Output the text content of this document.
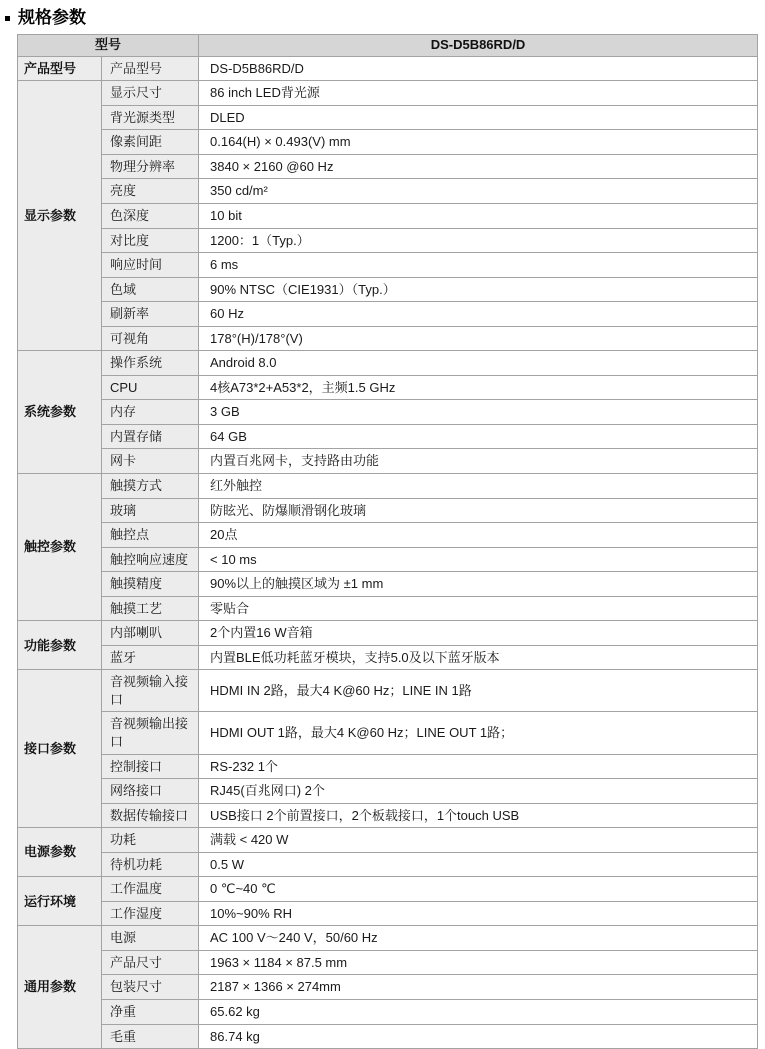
规格参数
型号		DS-D5B86RD/D
产品型号	产品型号	DS-D5B86RD/D
显示参数	显示尺寸	86 inch LED背光源
	背光源类型	DLED
	像素间距	0.164(H) × 0.493(V) mm
	物理分辨率	3840 × 2160 @60 Hz
	亮度	350 cd/m²
	色深度	10 bit
	对比度	1200：1（Typ.）
	响应时间	6 ms
	色域	90% NTSC（CIE1931）（Typ.）
	刷新率	60 Hz
	可视角	178°(H)/178°(V)
系统参数	操作系统	Android 8.0
	CPU	4核A73*2+A53*2，主频1.5 GHz
	内存	3 GB
	内置存储	64 GB
	网卡	内置百兆网卡，支持路由功能
触控参数	触摸方式	红外触控
	玻璃	防眩光、防爆顺滑钢化玻璃
	触控点	20点
	触控响应速度	< 10 ms
	触摸精度	90%以上的触摸区域为 ±1 mm
	触摸工艺	零贴合
功能参数	内部喇叭	2个内置16 W音箱
	蓝牙	内置BLE低功耗蓝牙模块，支持5.0及以下蓝牙版本
接口参数	音视频输入接口	HDMI IN 2路，最大4 K@60 Hz；LINE IN 1路
	音视频输出接口	HDMI OUT 1路，最大4 K@60 Hz；LINE OUT 1路；
	控制接口	RS-232 1个
	网络接口	RJ45(百兆网口) 2个
	数据传输接口	USB接口 2个前置接口，2个板载接口，1个touch USB
电源参数	功耗	满载 < 420 W
	待机功耗	0.5 W
运行环境	工作温度	0 ℃~40 ℃
	工作湿度	10%~90% RH
通用参数	电源	AC 100 V～240 V，50/60 Hz
	产品尺寸	1963 × 1184 × 87.5 mm
	包装尺寸	2187 × 1366 × 274mm
	净重	65.62 kg
	毛重	86.74 kg
